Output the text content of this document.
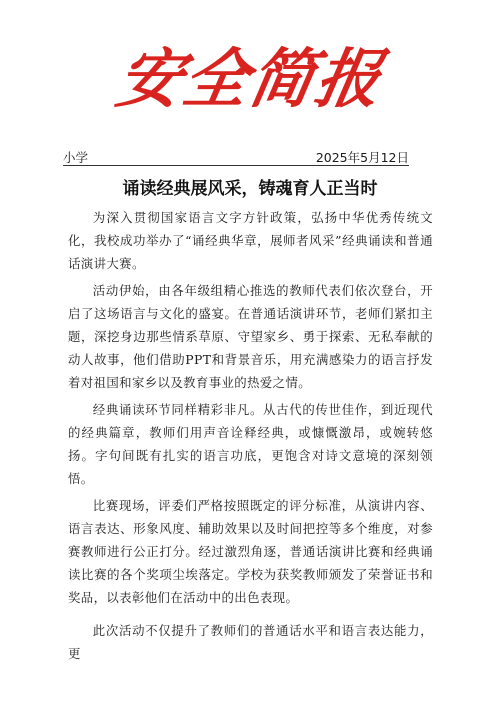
安全简报
小学	2025年5月12日
诵读经典展风采，铸魂育人正当时

为深入贯彻国家语言文字方针政策，弘扬中华优秀传统文化，我校成功举办了“诵经典华章，展师者风采”经典诵读和普通话演讲大赛。

活动伊始，由各年级组精心推选的教师代表们依次登台，开启了这场语言与文化的盛宴。在普通话演讲环节，老师们紧扣主题，深挖身边那些情系草原、守望家乡、勇于探索、无私奉献的动人故事，他们借助PPT和背景音乐，用充满感染力的语言抒发着对祖国和家乡以及教育事业的热爱之情。

经典诵读环节同样精彩非凡。从古代的传世佳作，到近现代的经典篇章，教师们用声音诠释经典，或慷慨激昂，或婉转悠扬。字句间既有扎实的语言功底，更饱含对诗文意境的深刻领悟。

比赛现场，评委们严格按照既定的评分标准，从演讲内容、语言表达、形象风度、辅助效果以及时间把控等多个维度，对参赛教师进行公正打分。经过激烈角逐，普通话演讲比赛和经典诵读比赛的各个奖项尘埃落定。学校为获奖教师颁发了荣誉证书和奖品，以表彰他们在活动中的出色表现。

此次活动不仅提升了教师们的普通话水平和语言表达能力，更
